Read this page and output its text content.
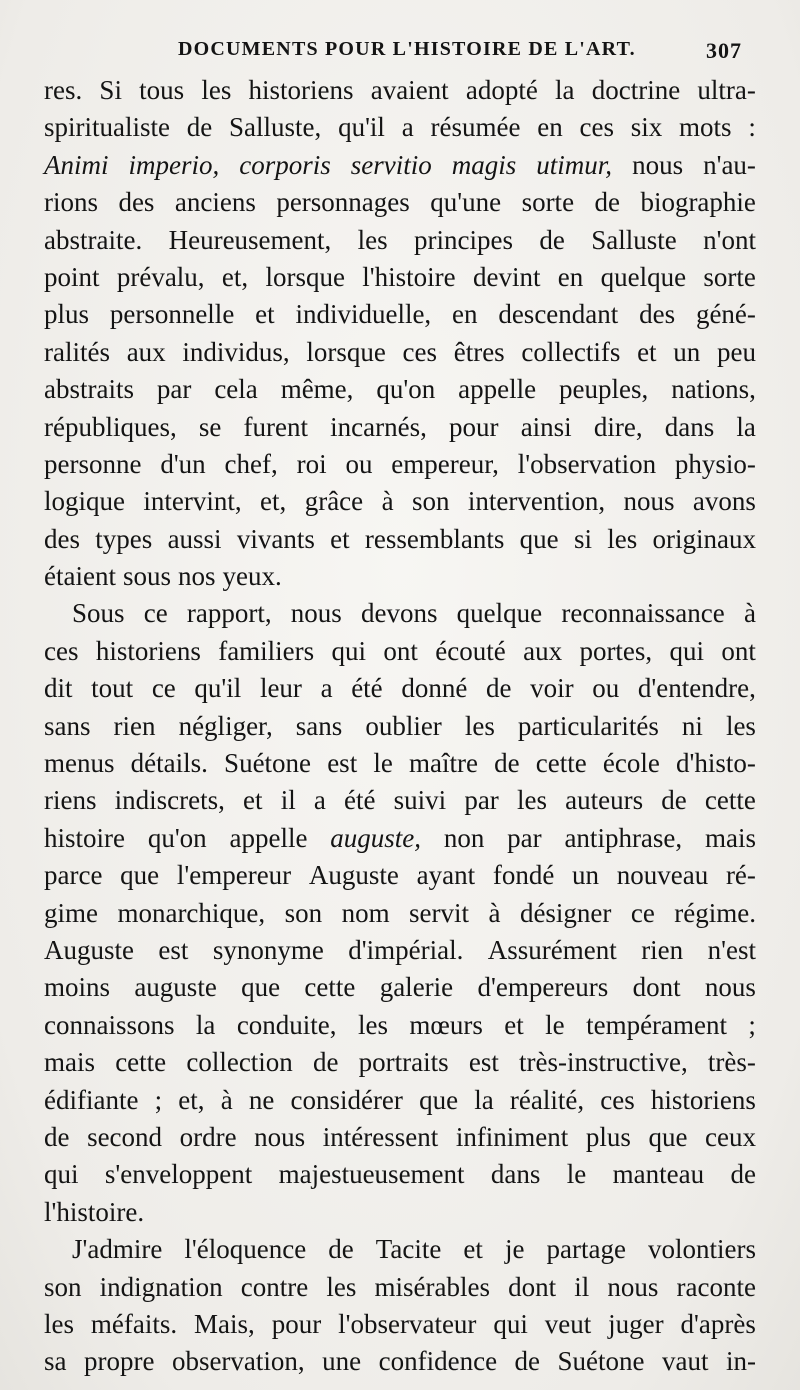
DOCUMENTS POUR L'HISTOIRE DE L'ART.	307
res. Si tous les historiens avaient adopté la doctrine ultra-
spiritualiste de Salluste, qu'il a résumée en ces six mots :
Animi imperio, corporis servitio magis utimur, nous n'au-
rions des anciens personnages qu'une sorte de biographie
abstraite. Heureusement, les principes de Salluste n'ont
point prévalu, et, lorsque l'histoire devint en quelque sorte
plus personnelle et individuelle, en descendant des géné-
ralités aux individus, lorsque ces êtres collectifs et un peu
abstraits par cela même, qu'on appelle peuples, nations,
républiques, se furent incarnés, pour ainsi dire, dans la
personne d'un chef, roi ou empereur, l'observation physio-
logique intervint, et, grâce à son intervention, nous avons
des types aussi vivants et ressemblants que si les originaux
étaient sous nos yeux.
Sous ce rapport, nous devons quelque reconnaissance à
ces historiens familiers qui ont écouté aux portes, qui ont
dit tout ce qu'il leur a été donné de voir ou d'entendre,
sans rien négliger, sans oublier les particularités ni les
menus détails. Suétone est le maître de cette école d'histo-
riens indiscrets, et il a été suivi par les auteurs de cette
histoire qu'on appelle auguste, non par antiphrase, mais
parce que l'empereur Auguste ayant fondé un nouveau ré-
gime monarchique, son nom servit à désigner ce régime.
Auguste est synonyme d'impérial. Assurément rien n'est
moins auguste que cette galerie d'empereurs dont nous
connaissons la conduite, les mœurs et le tempérament ;
mais cette collection de portraits est très-instructive, très-
édifiante ; et, à ne considérer que la réalité, ces historiens
de second ordre nous intéressent infiniment plus que ceux
qui s'enveloppent majestueusement dans le manteau de
l'histoire.
J'admire l'éloquence de Tacite et je partage volontiers
son indignation contre les misérables dont il nous raconte
les méfaits. Mais, pour l'observateur qui veut juger d'après
sa propre observation, une confidence de Suétone vaut in-
